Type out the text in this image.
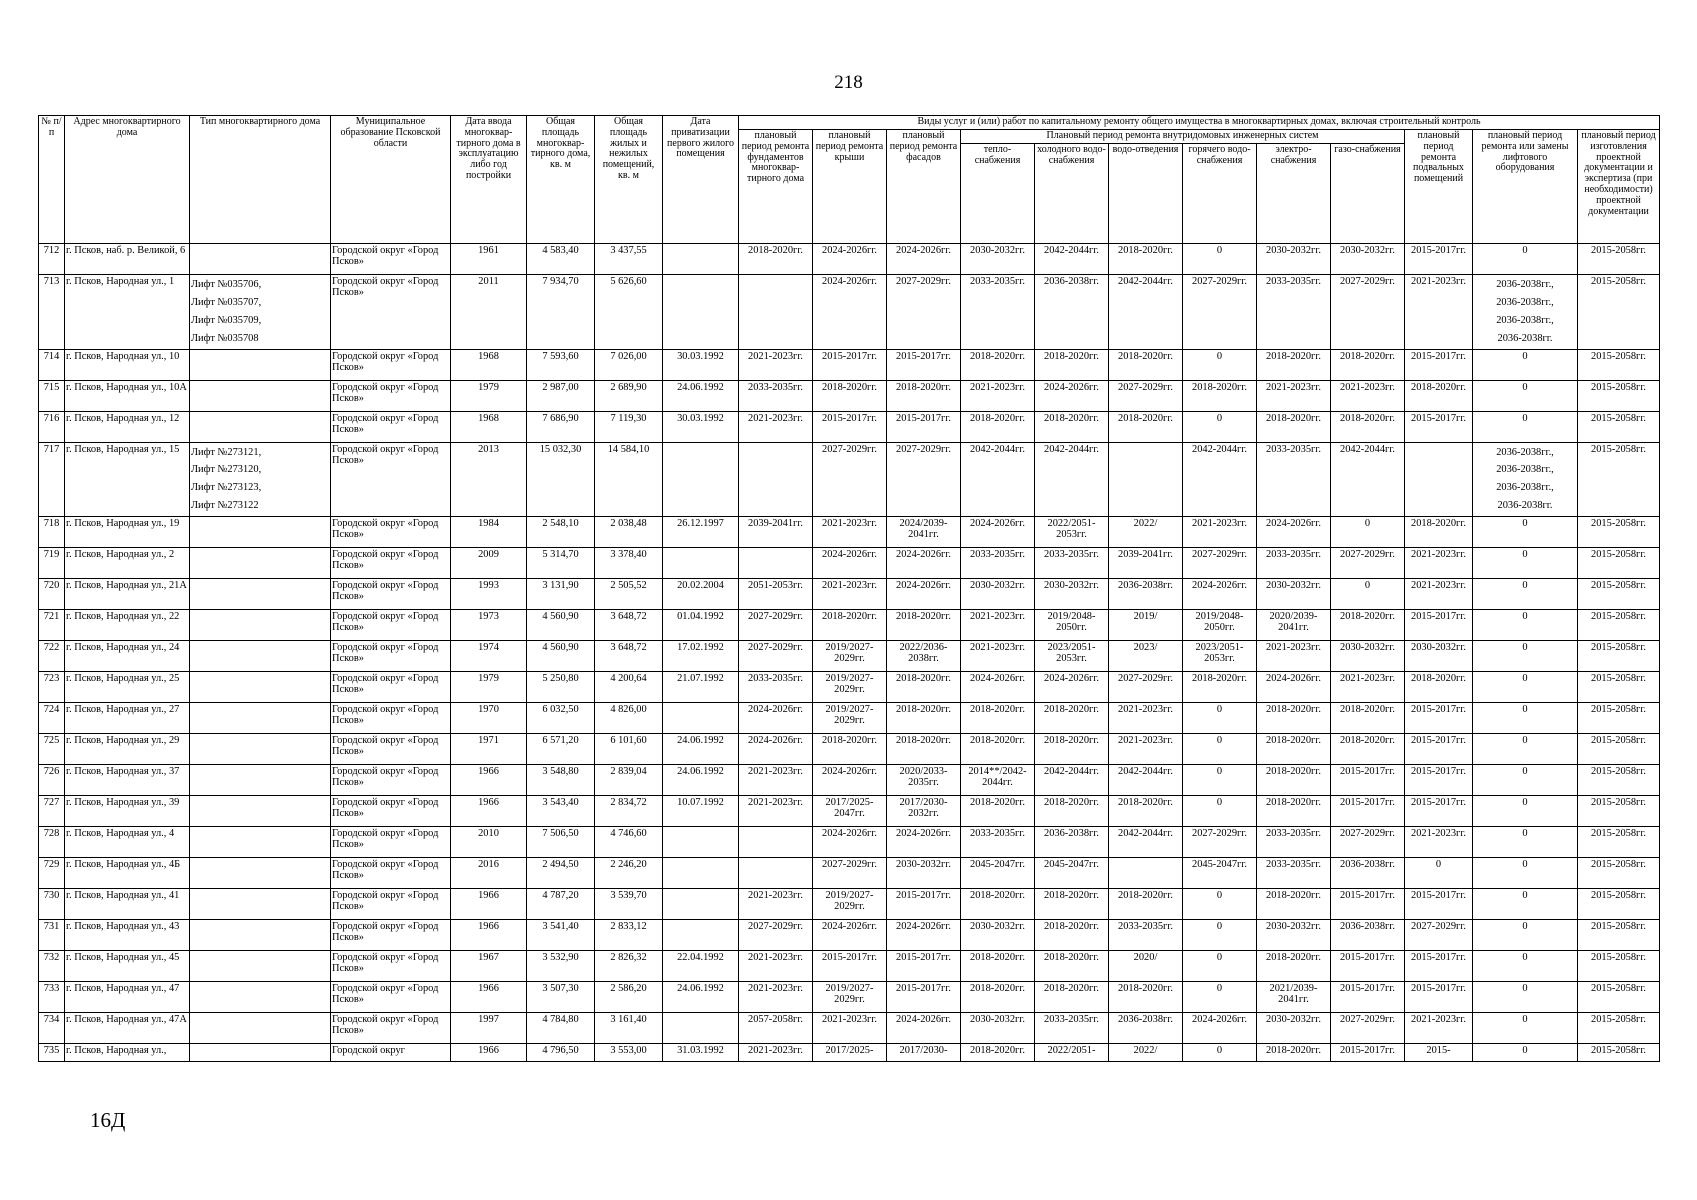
218
№ п/п	Адрес многоквартирного дома	Тип многоквартирного дома	Муниципальное образование Псковской области	Дата ввода многоквар-тирного дома в эксплуатацию либо год постройки	Общая площадь многоквар-тирного дома, кв. м	Общая площадь жилых и нежилых помещений, кв. м	Дата приватизации первого жилого помещения	Виды услуг и (или) работ по капитальному ремонту общего имущества в многоквартирных домах, включая строительный контроль											
								плановый период ремонта фундаментов многоквар-тирного дома	плановый период ремонта крыши	плановый период ремонта фасадов	Плановый период ремонта внутридомовых инженерных систем						плановый период ремонта подвальных помещений	плановый период ремонта или замены лифтового оборудования	плановый период изготовления проектной документации и экспертиза (при необходимости) проектной документации
											тепло-снабжения	холодного водо-снабжения	водо-отведения	горячего водо-снабжения	электро-снабжения	газо-снабжения			
712	г. Псков, наб. р. Великой, 6		Городской округ «Город Псков»	1961	4 583,40	3 437,55		2018-2020гг.	2024-2026гг.	2024-2026гг.	2030-2032гг.	2042-2044гг.	2018-2020гг.	0	2030-2032гг.	2030-2032гг.	2015-2017гг.	0	2015-2058гг.
713	г. Псков, Народная ул., 1	Лифт №035706,
Лифт №035707,
Лифт №035709,
Лифт №035708	Городской округ «Город Псков»	2011	7 934,70	5 626,60			2024-2026гг.	2027-2029гг.	2033-2035гг.	2036-2038гг.	2042-2044гг.	2027-2029гг.	2033-2035гг.	2027-2029гг.	2021-2023гг.	2036-2038гг.,
2036-2038гг.,
2036-2038гг.,
2036-2038гг.	2015-2058гг.
714	г. Псков, Народная ул., 10		Городской округ «Город Псков»	1968	7 593,60	7 026,00	30.03.1992	2021-2023гг.	2015-2017гг.	2015-2017гг.	2018-2020гг.	2018-2020гг.	2018-2020гг.	0	2018-2020гг.	2018-2020гг.	2015-2017гг.	0	2015-2058гг.
715	г. Псков, Народная ул., 10А		Городской округ «Город Псков»	1979	2 987,00	2 689,90	24.06.1992	2033-2035гг.	2018-2020гг.	2018-2020гг.	2021-2023гг.	2024-2026гг.	2027-2029гг.	2018-2020гг.	2021-2023гг.	2021-2023гг.	2018-2020гг.	0	2015-2058гг.
716	г. Псков, Народная ул., 12		Городской округ «Город Псков»	1968	7 686,90	7 119,30	30.03.1992	2021-2023гг.	2015-2017гг.	2015-2017гг.	2018-2020гг.	2018-2020гг.	2018-2020гг.	0	2018-2020гг.	2018-2020гг.	2015-2017гг.	0	2015-2058гг.
717	г. Псков, Народная ул., 15	Лифт №273121,
Лифт №273120,
Лифт №273123,
Лифт №273122	Городской округ «Город Псков»	2013	15 032,30	14 584,10			2027-2029гг.	2027-2029гг.	2042-2044гг.	2042-2044гг.		2042-2044гг.	2033-2035гг.	2042-2044гг.		2036-2038гг.,
2036-2038гг.,
2036-2038гг.,
2036-2038гг.	2015-2058гг.
718	г. Псков, Народная ул., 19		Городской округ «Город Псков»	1984	2 548,10	2 038,48	26.12.1997	2039-2041гг.	2021-2023гг.	2024/2039-2041гг.	2024-2026гг.	2022/2051-2053гг.	2022/	2021-2023гг.	2024-2026гг.	0	2018-2020гг.	0	2015-2058гг.
719	г. Псков, Народная ул., 2		Городской округ «Город Псков»	2009	5 314,70	3 378,40			2024-2026гг.	2024-2026гг.	2033-2035гг.	2033-2035гг.	2039-2041гг.	2027-2029гг.	2033-2035гг.	2027-2029гг.	2021-2023гг.	0	2015-2058гг.
720	г. Псков, Народная ул., 21А		Городской округ «Город Псков»	1993	3 131,90	2 505,52	20.02.2004	2051-2053гг.	2021-2023гг.	2024-2026гг.	2030-2032гг.	2030-2032гг.	2036-2038гг.	2024-2026гг.	2030-2032гг.	0	2021-2023гг.	0	2015-2058гг.
721	г. Псков, Народная ул., 22		Городской округ «Город Псков»	1973	4 560,90	3 648,72	01.04.1992	2027-2029гг.	2018-2020гг.	2018-2020гг.	2021-2023гг.	2019/2048-2050гг.	2019/	2019/2048-2050гг.	2020/2039-2041гг.	2018-2020гг.	2015-2017гг.	0	2015-2058гг.
722	г. Псков, Народная ул., 24		Городской округ «Город Псков»	1974	4 560,90	3 648,72	17.02.1992	2027-2029гг.	2019/2027-2029гг.	2022/2036-2038гг.	2021-2023гг.	2023/2051-2053гг.	2023/	2023/2051-2053гг.	2021-2023гг.	2030-2032гг.	2030-2032гг.	0	2015-2058гг.
723	г. Псков, Народная ул., 25		Городской округ «Город Псков»	1979	5 250,80	4 200,64	21.07.1992	2033-2035гг.	2019/2027-2029гг.	2018-2020гг.	2024-2026гг.	2024-2026гг.	2027-2029гг.	2018-2020гг.	2024-2026гг.	2021-2023гг.	2018-2020гг.	0	2015-2058гг.
724	г. Псков, Народная ул., 27		Городской округ «Город Псков»	1970	6 032,50	4 826,00		2024-2026гг.	2019/2027-2029гг.	2018-2020гг.	2018-2020гг.	2018-2020гг.	2021-2023гг.	0	2018-2020гг.	2018-2020гг.	2015-2017гг.	0	2015-2058гг.
725	г. Псков, Народная ул., 29		Городской округ «Город Псков»	1971	6 571,20	6 101,60	24.06.1992	2024-2026гг.	2018-2020гг.	2018-2020гг.	2018-2020гг.	2018-2020гг.	2021-2023гг.	0	2018-2020гг.	2018-2020гг.	2015-2017гг.	0	2015-2058гг.
726	г. Псков, Народная ул., 37		Городской округ «Город Псков»	1966	3 548,80	2 839,04	24.06.1992	2021-2023гг.	2024-2026гг.	2020/2033-2035гг.	2014**/2042-2044гг.	2042-2044гг.	2042-2044гг.	0	2018-2020гг.	2015-2017гг.	2015-2017гг.	0	2015-2058гг.
727	г. Псков, Народная ул., 39		Городской округ «Город Псков»	1966	3 543,40	2 834,72	10.07.1992	2021-2023гг.	2017/2025-2047гг.	2017/2030-2032гг.	2018-2020гг.	2018-2020гг.	2018-2020гг.	0	2018-2020гг.	2015-2017гг.	2015-2017гг.	0	2015-2058гг.
728	г. Псков, Народная ул., 4		Городской округ «Город Псков»	2010	7 506,50	4 746,60			2024-2026гг.	2024-2026гг.	2033-2035гг.	2036-2038гг.	2042-2044гг.	2027-2029гг.	2033-2035гг.	2027-2029гг.	2021-2023гг.	0	2015-2058гг.
729	г. Псков, Народная ул., 4Б		Городской округ «Город Псков»	2016	2 494,50	2 246,20			2027-2029гг.	2030-2032гг.	2045-2047гг.	2045-2047гг.		2045-2047гг.	2033-2035гг.	2036-2038гг.	0	0	2015-2058гг.
730	г. Псков, Народная ул., 41		Городской округ «Город Псков»	1966	4 787,20	3 539,70		2021-2023гг.	2019/2027-2029гг.	2015-2017гг.	2018-2020гг.	2018-2020гг.	2018-2020гг.	0	2018-2020гг.	2015-2017гг.	2015-2017гг.	0	2015-2058гг.
731	г. Псков, Народная ул., 43		Городской округ «Город Псков»	1966	3 541,40	2 833,12		2027-2029гг.	2024-2026гг.	2024-2026гг.	2030-2032гг.	2018-2020гг.	2033-2035гг.	0	2030-2032гг.	2036-2038гг.	2027-2029гг.	0	2015-2058гг.
732	г. Псков, Народная ул., 45		Городской округ «Город Псков»	1967	3 532,90	2 826,32	22.04.1992	2021-2023гг.	2015-2017гг.	2015-2017гг.	2018-2020гг.	2018-2020гг.	2020/	0	2018-2020гг.	2015-2017гг.	2015-2017гг.	0	2015-2058гг.
733	г. Псков, Народная ул., 47		Городской округ «Город Псков»	1966	3 507,30	2 586,20	24.06.1992	2021-2023гг.	2019/2027-2029гг.	2015-2017гг.	2018-2020гг.	2018-2020гг.	2018-2020гг.	0	2021/2039-2041гг.	2015-2017гг.	2015-2017гг.	0	2015-2058гг.
734	г. Псков, Народная ул., 47А		Городской округ «Город Псков»	1997	4 784,80	3 161,40		2057-2058гг.	2021-2023гг.	2024-2026гг.	2030-2032гг.	2033-2035гг.	2036-2038гг.	2024-2026гг.	2030-2032гг.	2027-2029гг.	2021-2023гг.	0	2015-2058гг.
735	г. Псков, Народная ул.,		Городской округ	1966	4 796,50	3 553,00	31.03.1992	2021-2023гг.	2017/2025-	2017/2030-	2018-2020гг.	2022/2051-	2022/	0	2018-2020гг.	2015-2017гг.	2015-	0	2015-2058гг.
16Д
